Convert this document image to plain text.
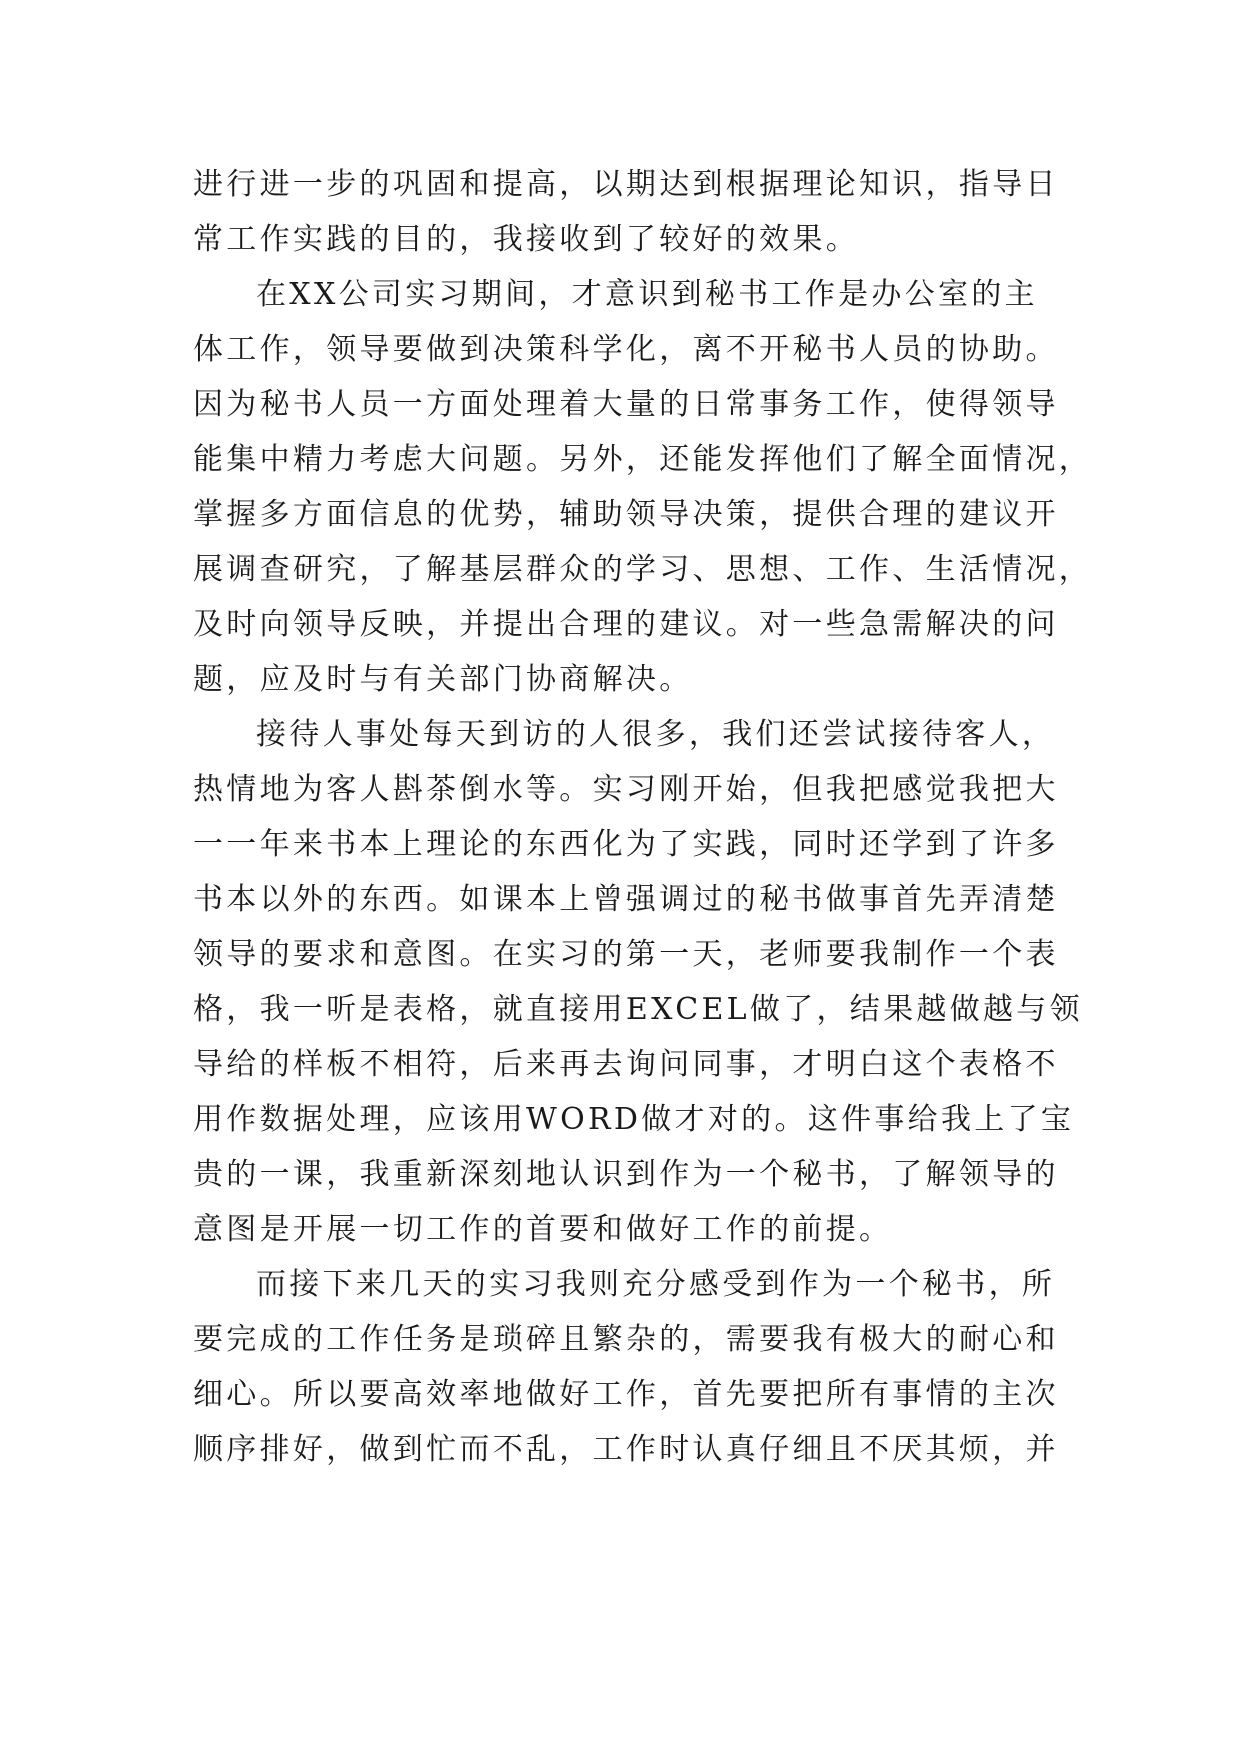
进行进一步的巩固和提高，以期达到根据理论知识，指导日
常工作实践的目的，我接收到了较好的效果。
在XX公司实习期间，才意识到秘书工作是办公室的主
体工作，领导要做到决策科学化，离不开秘书人员的协助。
因为秘书人员一方面处理着大量的日常事务工作，使得领导
能集中精力考虑大问题。另外，还能发挥他们了解全面情况，
掌握多方面信息的优势，辅助领导决策，提供合理的建议开
展调查研究，了解基层群众的学习、思想、工作、生活情况，
及时向领导反映，并提出合理的建议。对一些急需解决的问
题，应及时与有关部门协商解决。
接待人事处每天到访的人很多，我们还尝试接待客人，
热情地为客人斟茶倒水等。实习刚开始，但我把感觉我把大
一一年来书本上理论的东西化为了实践，同时还学到了许多
书本以外的东西。如课本上曾强调过的秘书做事首先弄清楚
领导的要求和意图。在实习的第一天，老师要我制作一个表
格，我一听是表格，就直接用EXCEL做了，结果越做越与领
导给的样板不相符，后来再去询问同事，才明白这个表格不
用作数据处理，应该用WORD做才对的。这件事给我上了宝
贵的一课，我重新深刻地认识到作为一个秘书，了解领导的
意图是开展一切工作的首要和做好工作的前提。
而接下来几天的实习我则充分感受到作为一个秘书，所
要完成的工作任务是琐碎且繁杂的，需要我有极大的耐心和
细心。所以要高效率地做好工作，首先要把所有事情的主次
顺序排好，做到忙而不乱，工作时认真仔细且不厌其烦，并
